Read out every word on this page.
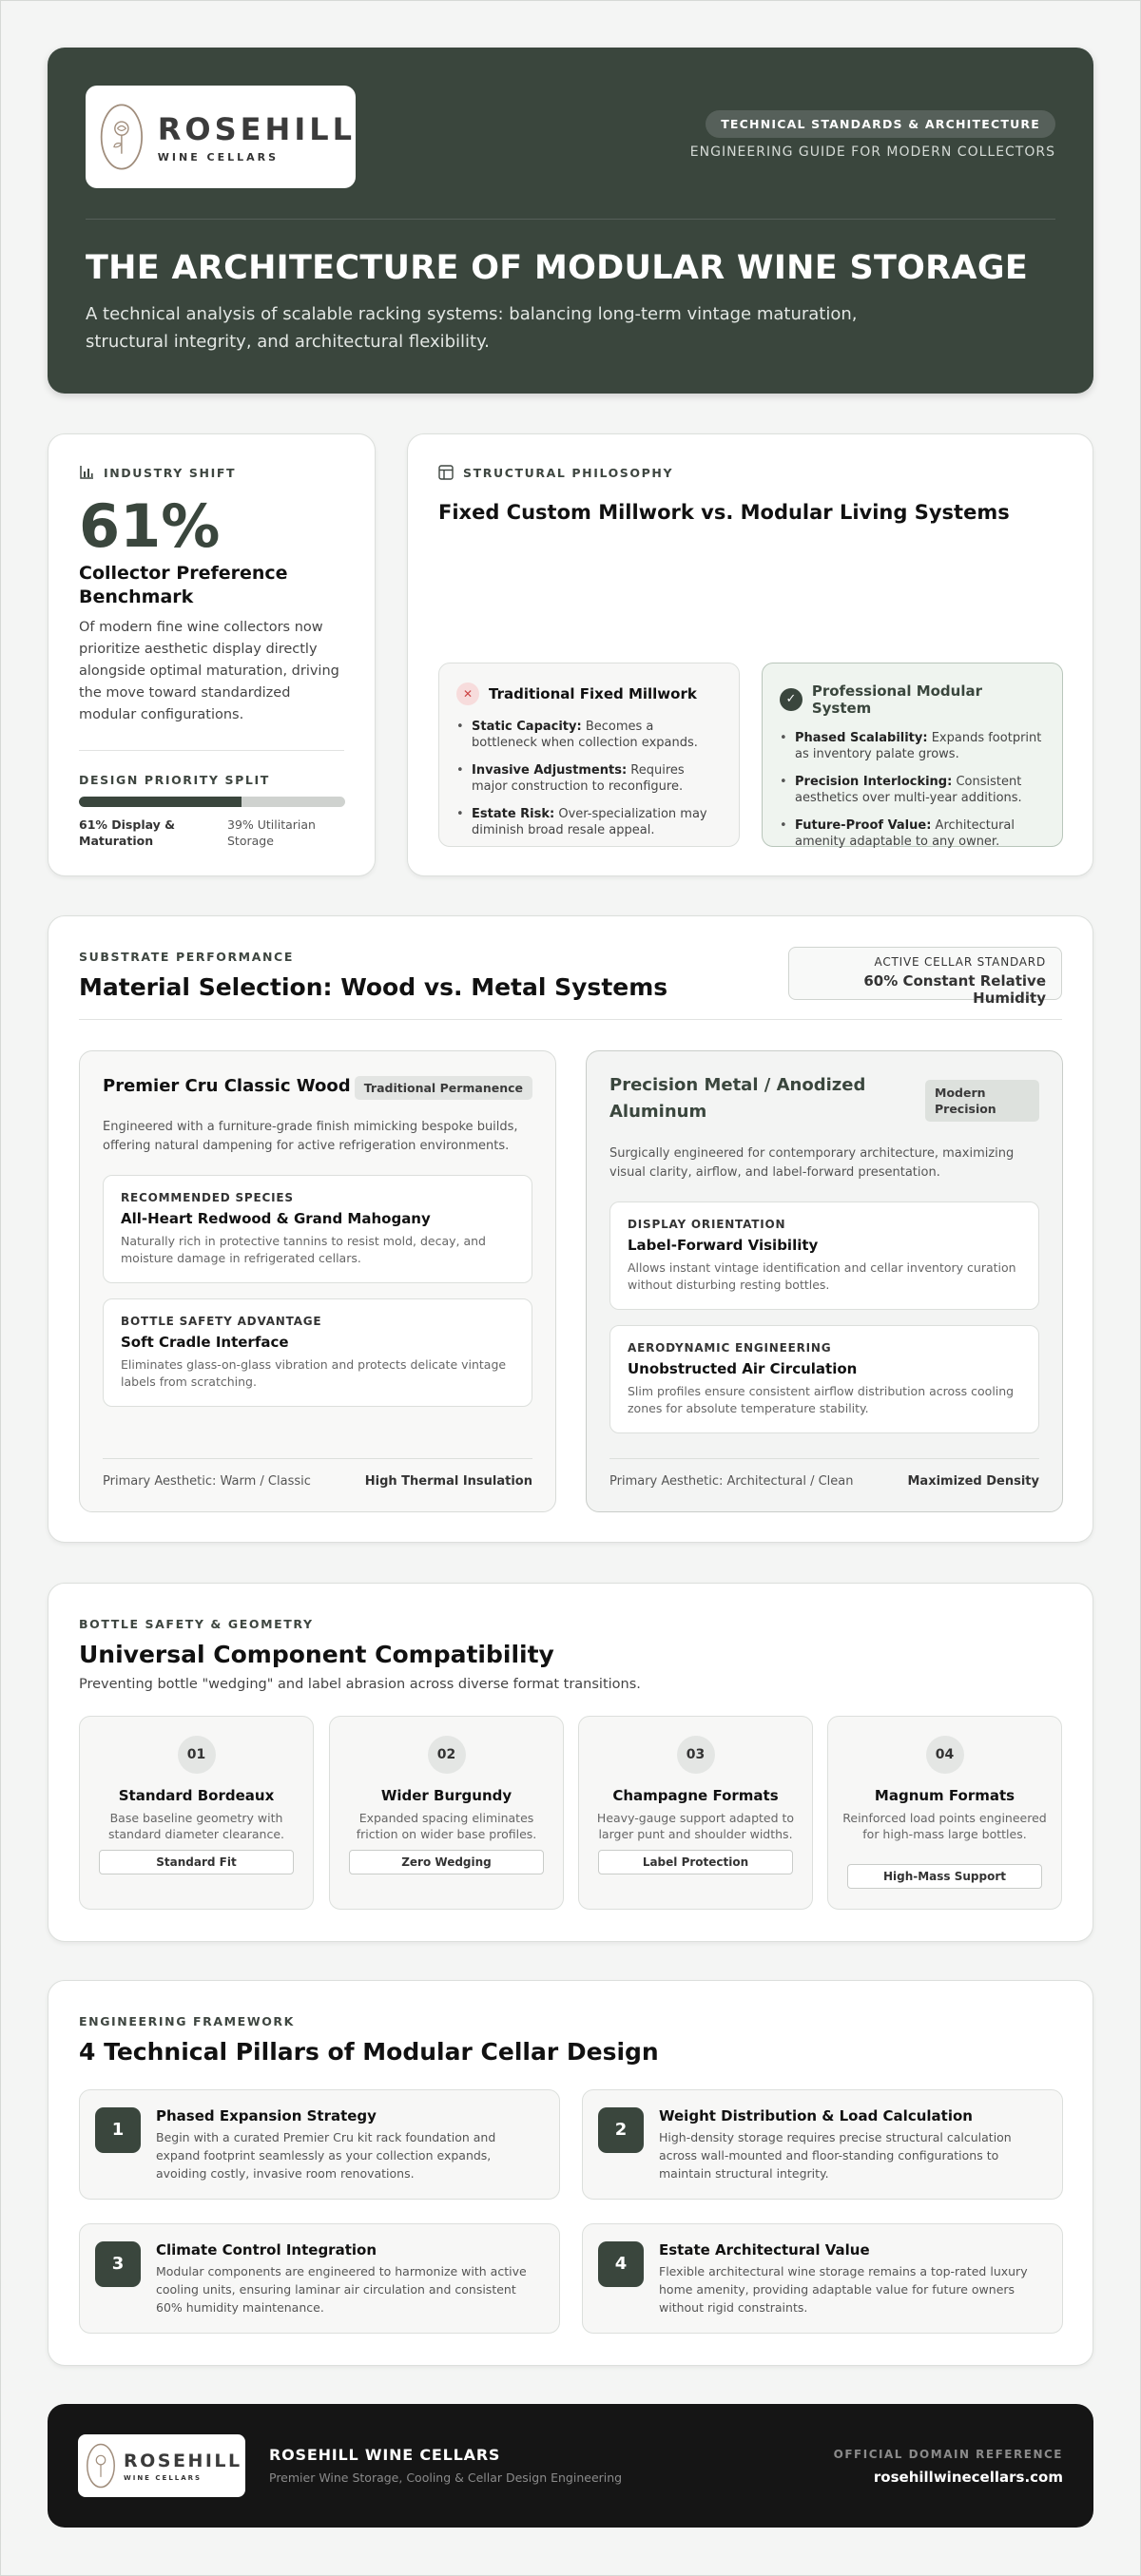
ROSEHILL
WINE CELLARS
TECHNICAL STANDARDS & ARCHITECTURE
ENGINEERING GUIDE FOR MODERN COLLECTORS
THE ARCHITECTURE OF MODULAR WINE STORAGE
A technical analysis of scalable racking systems: balancing long-term vintage maturation,
structural integrity, and architectural flexibility.
INDUSTRY SHIFT
61%
Collector Preference
Benchmark
Of modern fine wine collectors now prioritize aesthetic display directly alongside optimal maturation, driving the move toward standardized modular configurations.
DESIGN PRIORITY SPLIT
61% Display & Maturation
39% Utilitarian Storage
STRUCTURAL PHILOSOPHY
Fixed Custom Millwork vs. Modular Living Systems
✕	Traditional Fixed Millwork
• Static Capacity: Becomes a bottleneck when collection expands.
• Invasive Adjustments: Requires major construction to reconfigure.
• Estate Risk: Over-specialization may diminish broad resale appeal.
✓	Professional Modular System
• Phased Scalability: Expands footprint as inventory palate grows.
• Precision Interlocking: Consistent aesthetics over multi-year additions.
• Future-Proof Value: Architectural amenity adaptable to any owner.
SUBSTRATE PERFORMANCE
Material Selection: Wood vs. Metal Systems
ACTIVE CELLAR STANDARD
60% Constant Relative Humidity
Premier Cru Classic Wood	Traditional Permanence
Engineered with a furniture-grade finish mimicking bespoke builds, offering natural dampening for active refrigeration environments.
RECOMMENDED SPECIES
All-Heart Redwood & Grand Mahogany
Naturally rich in protective tannins to resist mold, decay, and moisture damage in refrigerated cellars.
BOTTLE SAFETY ADVANTAGE
Soft Cradle Interface
Eliminates glass-on-glass vibration and protects delicate vintage labels from scratching.
Primary Aesthetic: Warm / Classic	High Thermal Insulation
Precision Metal / Anodized
Aluminum
Modern
Precision
Surgically engineered for contemporary architecture, maximizing visual clarity, airflow, and label-forward presentation.
DISPLAY ORIENTATION
Label-Forward Visibility
Allows instant vintage identification and cellar inventory curation without disturbing resting bottles.
AERODYNAMIC ENGINEERING
Unobstructed Air Circulation
Slim profiles ensure consistent airflow distribution across cooling zones for absolute temperature stability.
Primary Aesthetic: Architectural / Clean	Maximized Density
BOTTLE SAFETY & GEOMETRY
Universal Component Compatibility
Preventing bottle "wedging" and label abrasion across diverse format transitions.
01
Standard Bordeaux
Base baseline geometry with standard diameter clearance.
Standard Fit
02
Wider Burgundy
Expanded spacing eliminates friction on wider base profiles.
Zero Wedging
03
Champagne Formats
Heavy-gauge support adapted to larger punt and shoulder widths.
Label Protection
04
Magnum Formats
Reinforced load points engineered for high-mass large bottles.
High-Mass Support
ENGINEERING FRAMEWORK
4 Technical Pillars of Modular Cellar Design
1
Phased Expansion Strategy
Begin with a curated Premier Cru kit rack foundation and expand footprint seamlessly as your collection expands, avoiding costly, invasive room renovations.
2
Weight Distribution & Load Calculation
High-density storage requires precise structural calculation across wall-mounted and floor-standing configurations to maintain structural integrity.
3
Climate Control Integration
Modular components are engineered to harmonize with active cooling units, ensuring laminar air circulation and consistent 60% humidity maintenance.
4
Estate Architectural Value
Flexible architectural wine storage remains a top-rated luxury home amenity, providing adaptable value for future owners without rigid constraints.
ROSEHILL
WINE CELLARS
ROSEHILL WINE CELLARS
Premier Wine Storage, Cooling & Cellar Design Engineering
OFFICIAL DOMAIN REFERENCE
rosehillwinecellars.com
